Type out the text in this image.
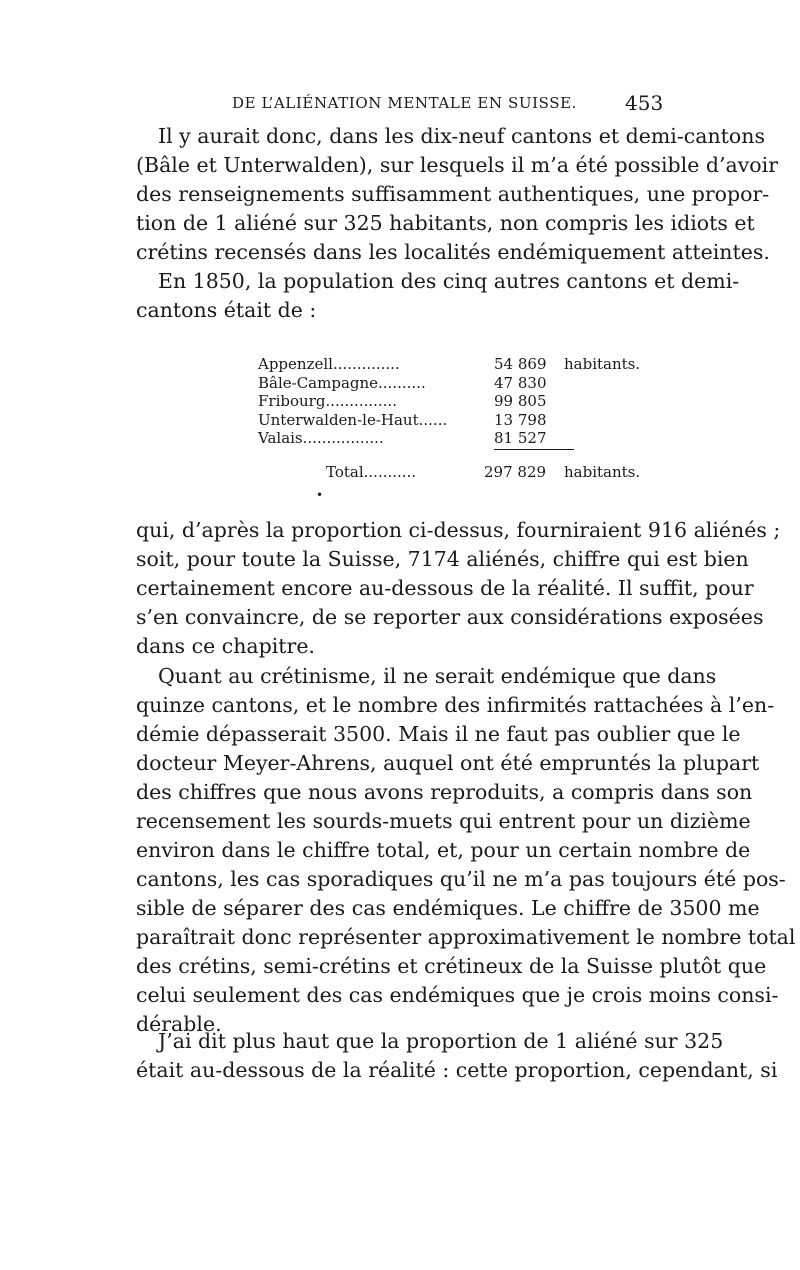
DE L’ALIÉNATION MENTALE EN SUISSE. 453
Il y aurait donc, dans les dix-neuf cantons et demi-cantons
(Bâle et Unterwalden), sur lesquels il m’a été possible d’avoir
des renseignements suffisamment authentiques, une propor-
tion de 1 aliéné sur 325 habitants, non compris les idiots et
crétins recensés dans les localités endémiquement atteintes.
En 1850, la population des cinq autres cantons et demi-
cantons était de :
Appenzell..............	54 869 habitants.
Bâle-Campagne..........	47 830
Fribourg...............	99 805
Unterwalden-le-Haut......	13 798
Valais.................	81 527
Total...........	297 829 habitants.
•
qui, d’après la proportion ci-dessus, fourniraient 916 aliénés ;
soit, pour toute la Suisse, 7174 aliénés, chiffre qui est bien
certainement encore au-dessous de la réalité. Il suffit, pour
s’en convaincre, de se reporter aux considérations exposées
dans ce chapitre.
Quant au crétinisme, il ne serait endémique que dans
quinze cantons, et le nombre des infirmités rattachées à l’en-
démie dépasserait 3500. Mais il ne faut pas oublier que le
docteur Meyer-Ahrens, auquel ont été empruntés la plupart
des chiffres que nous avons reproduits, a compris dans son
recensement les sourds-muets qui entrent pour un dizième
environ dans le chiffre total, et, pour un certain nombre de
cantons, les cas sporadiques qu’il ne m’a pas toujours été pos-
sible de séparer des cas endémiques. Le chiffre de 3500 me
paraîtrait donc représenter approximativement le nombre total
des crétins, semi-crétins et crétineux de la Suisse plutôt que
celui seulement des cas endémiques que je crois moins consi-
dérable.
J’ai dit plus haut que la proportion de 1 aliéné sur 325
était au-dessous de la réalité : cette proportion, cependant, si
